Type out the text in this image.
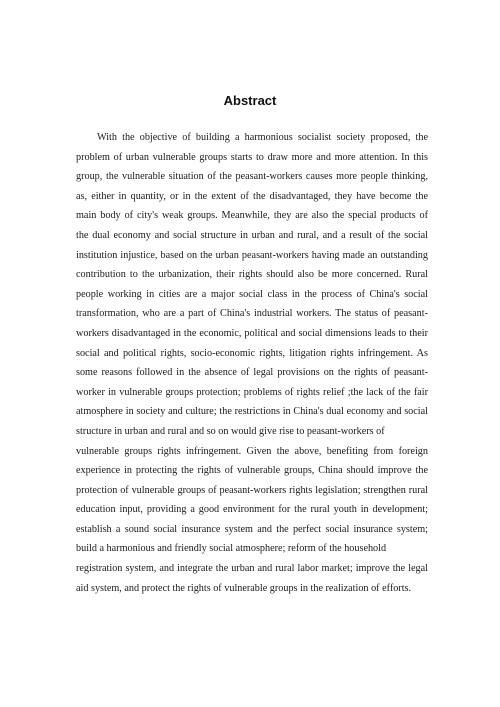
Abstract
With the objective of building a harmonious socialist society proposed, the
problem of urban vulnerable groups starts to draw more and more attention. In this
group, the vulnerable situation of the peasant-workers causes more people thinking,
as, either in quantity, or in the extent of the disadvantaged, they have become the
main body of city's weak groups. Meanwhile, they are also the special products of
the dual economy and social structure in urban and rural, and a result of the social
institution injustice, based on the urban peasant-workers having made an outstanding
contribution to the urbanization, their rights should also be more concerned. Rural
people working in cities are a major social class in the process of China's social
transformation, who are a part of China's industrial workers. The status of peasant-
workers disadvantaged in the economic, political and social dimensions leads to their
social and political rights, socio-economic rights, litigation rights infringement. As
some reasons followed in the absence of legal provisions on the rights of peasant-
worker in vulnerable groups protection; problems of rights relief ;the lack of the fair
atmosphere in society and culture; the restrictions in China's dual economy and social
structure in urban and rural and so on would give rise to peasant-workers of
vulnerable groups rights infringement. Given the above, benefiting from foreign
experience in protecting the rights of vulnerable groups, China should improve the
protection of vulnerable groups of peasant-workers rights legislation; strengthen rural
education input, providing a good environment for the rural youth in development;
establish a sound social insurance system and the perfect social insurance system;
build a harmonious and friendly social atmosphere; reform of the household
registration system, and integrate the urban and rural labor market; improve the legal
aid system, and protect the rights of vulnerable groups in the realization of efforts.
